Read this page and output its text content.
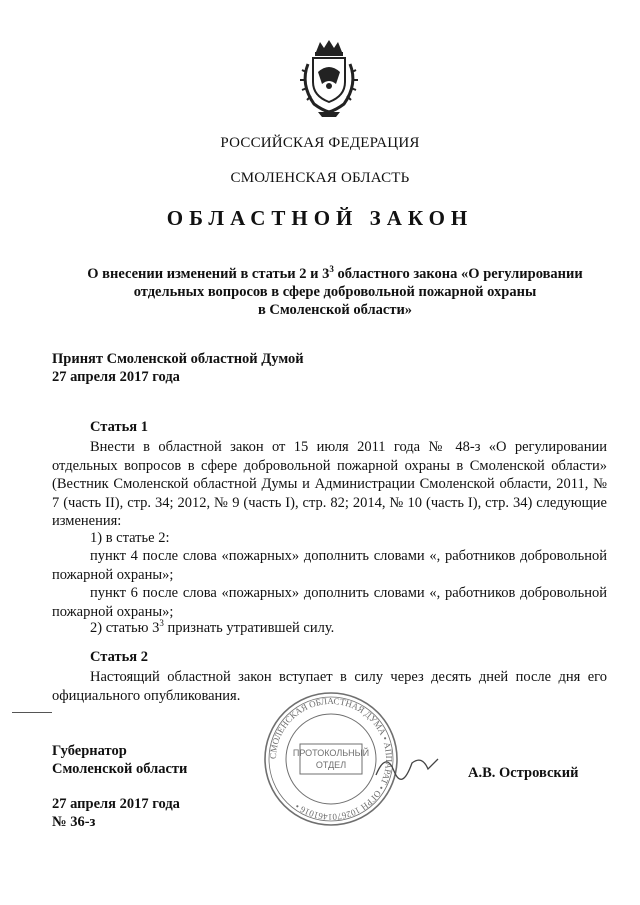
РОССИЙСКАЯ ФЕДЕРАЦИЯ
СМОЛЕНСКАЯ ОБЛАСТЬ
ОБЛАСТНОЙ ЗАКОН
О внесении изменений в статьи 2 и $3^3$ областного закона «О регулировании
отдельных вопросов в сфере добровольной пожарной охраны
в Смоленской области»
Принят Смоленской областной Думой
27 апреля 2017 года
Статья 1
Внести в областной закон от 15 июля 2011 года № 48-з «О регулировании отдельных вопросов в сфере добровольной пожарной охраны в Смоленской области» (Вестник Смоленской областной Думы и Администрации Смоленской области, 2011, № 7 (часть II), стр. 34; 2012, № 9 (часть I), стр. 82; 2014, № 10 (часть I), стр. 34) следующие изменения:
1) в статье 2:
пункт 4 после слова «пожарных» дополнить словами «, работников добровольной пожарной охраны»;
пункт 6 после слова «пожарных» дополнить словами «, работников добровольной пожарной охраны»;
2) статью $3^3$ признать утратившей силу.
Статья 2
Настоящий областной закон вступает в силу через десять дней после дня его официального опубликования.
Губернатор
Смоленской области	А.В. Островский
27 апреля 2017 года
№ 36-з
СМОЛЕНСКАЯ ОБЛАСТНАЯ ДУМА • АППАРАТ • ОГРН 1026701461016 •
ПРОТОКОЛЬНЫЙ
ОТДЕЛ
